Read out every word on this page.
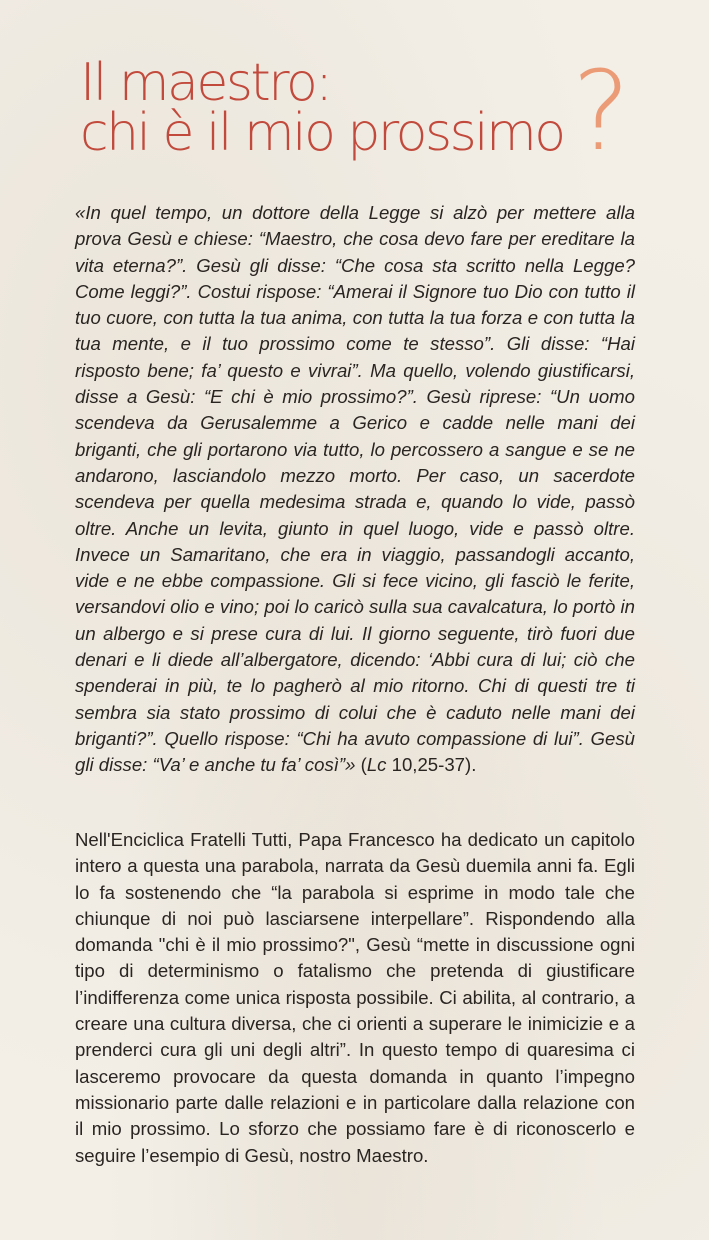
Il maestro:
chi è il mio prossimo ?

«In quel tempo, un dottore della Legge si alzò per mettere alla prova Gesù e chiese: “Maestro, che cosa devo fare per ereditare la vita eterna?”. Gesù gli disse: “Che cosa sta scritto nella Legge? Come leggi?”. Costui rispose: “Amerai il Signore tuo Dio con tutto il tuo cuore, con tutta la tua anima, con tutta la tua forza e con tutta la tua mente, e il tuo prossimo come te stesso”. Gli disse: “Hai risposto bene; fa’ questo e vivrai”. Ma quello, volendo giustificarsi, disse a Gesù: “E chi è mio prossimo?”. Gesù riprese: “Un uomo scendeva da Gerusalemme a Gerico e cadde nelle mani dei briganti, che gli portarono via tutto, lo percossero a sangue e se ne andarono, lasciandolo mezzo morto. Per caso, un sacerdote scendeva per quella medesima strada e, quando lo vide, passò oltre. Anche un levita, giunto in quel luogo, vide e passò oltre. Invece un Samaritano, che era in viaggio, passandogli accanto, vide e ne ebbe compassione. Gli si fece vicino, gli fasciò le ferite, versandovi olio e vino; poi lo caricò sulla sua cavalcatura, lo portò in un albergo e si prese cura di lui. Il giorno seguente, tirò fuori due denari e li diede all’albergatore, dicendo: ‘Abbi cura di lui; ciò che spenderai in più, te lo pagherò al mio ritorno. Chi di questi tre ti sembra sia stato prossimo di colui che è caduto nelle mani dei briganti?”. Quello rispose: “Chi ha avuto compassione di lui”. Gesù gli disse: “Va’ e anche tu fa’ così”» (Lc 10,25-37).

Nell'Enciclica Fratelli Tutti, Papa Francesco ha dedicato un capitolo intero a questa una parabola, narrata da Gesù duemila anni fa. Egli lo fa sostenendo che “la parabola si esprime in modo tale che chiunque di noi può lasciarsene interpellare”. Rispondendo alla domanda "chi è il mio prossimo?", Gesù “mette in discussione ogni tipo di determinismo o fatalismo che pretenda di giustificare l’indifferenza come unica risposta possibile. Ci abilita, al contrario, a creare una cultura diversa, che ci orienti a superare le inimicizie e a prenderci cura gli uni degli altri”. In questo tempo di quaresima ci lasceremo provocare da questa domanda in quanto l’impegno missionario parte dalle relazioni e in particolare dalla relazione con il mio prossimo. Lo sforzo che possiamo fare è di riconoscerlo e seguire l’esempio di Gesù, nostro Maestro.
